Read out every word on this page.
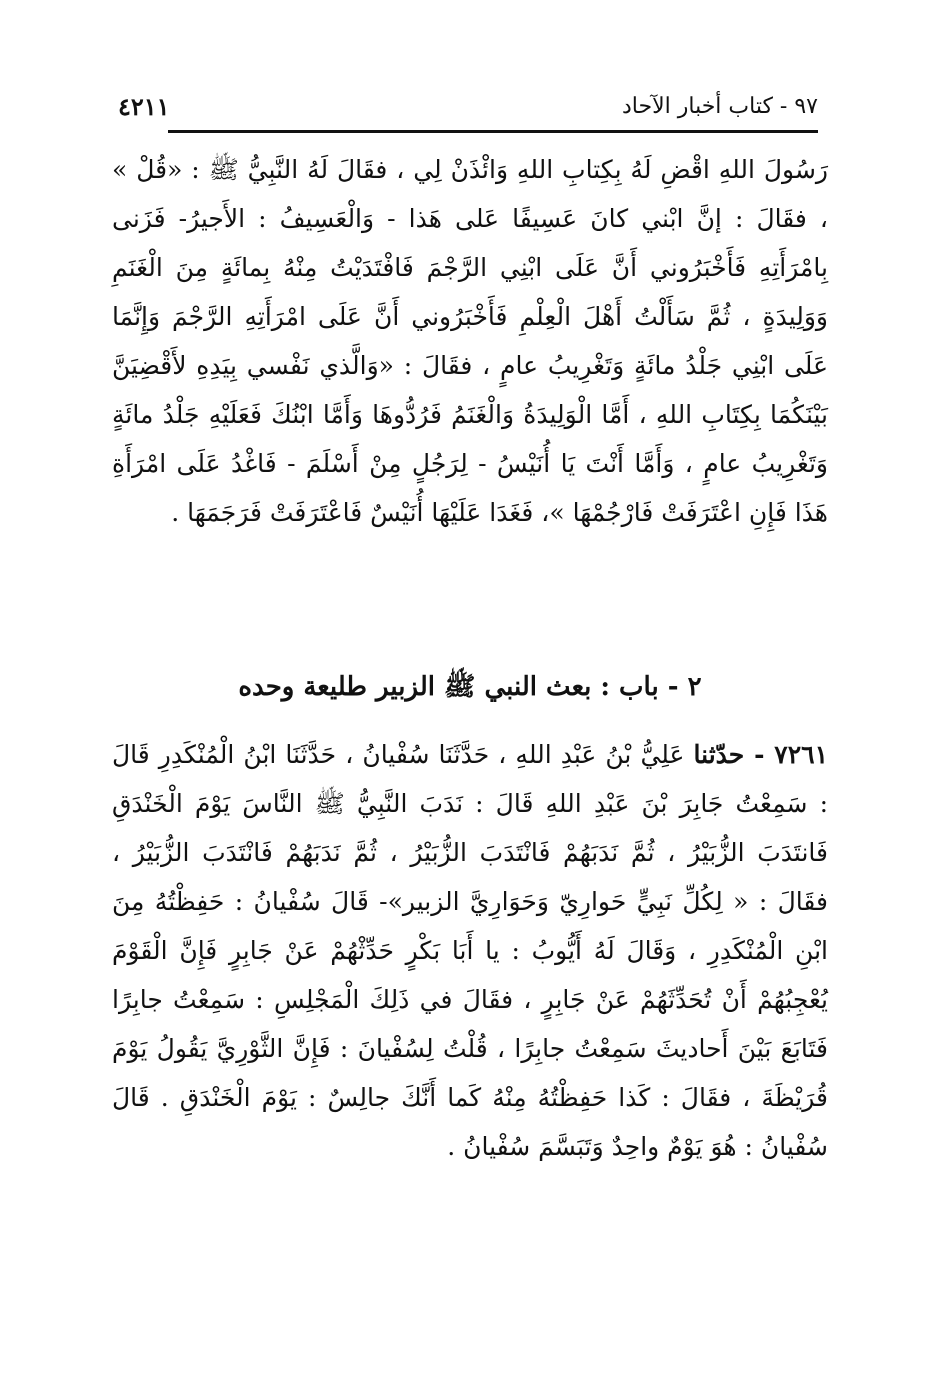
٩٧ - كتاب أخبار الآحاد
٤٢١١

رَسُولَ اللهِ اقْضِ لَهُ بِكِتابِ اللهِ وَائْذَنْ لِي ، فقَالَ لَهُ النَّبِيُّ ﷺ : «قُلْ » ، فقَالَ : إنَّ ابْني كانَ عَسِيفًا عَلى هَذا - وَالْعَسِيفُ : الأَجيرُ- فَزَنى بِامْرَأَتِهِ فَأَخْبَرُوني أَنَّ عَلَى ابْنِي الرَّجْمَ فَافْتَدَيْتُ مِنْهُ بِمائَةٍ مِنَ الْغَنَمِ وَوَلِيدَةٍ ، ثُمَّ سَأَلْتُ أَهْلَ الْعِلْمِ فَأَخْبَرُوني أَنَّ عَلَى امْرَأَتِهِ الرَّجْمَ وَإِنَّمَا عَلَى ابْنِي جَلْدُ مائَةٍ وَتَغْرِيبُ عامٍ ، فقَالَ : «وَالَّذي نَفْسي بِيَدِهِ لأَقْضِيَنَّ بَيْنَكُمَا بِكِتَابِ اللهِ ، أَمَّا الْوَلِيدَةُ وَالْغَنَمُ فَرُدُّوهَا وَأَمَّا ابْنُكَ فَعَلَيْهِ جَلْدُ مائَةٍ وَتَغْرِيبُ عامٍ ، وَأَمَّا أَنْتَ يَا أُنَيْسُ - لِرَجُلٍ مِنْ أَسْلَمَ - فَاغْدُ عَلَى امْرَأَةِ هَذَا فَإِنِ اعْتَرَفَتْ فَارْجُمْهَا »، فَغَدَا عَلَيْهَا أُنَيْسٌ فَاعْتَرَفَتْ فَرَجَمَهَا .

٢ - باب : بعث النبي ﷺ الزبير طليعة وحده

٧٢٦١ - حدّثنا عَلِيُّ بْنُ عَبْدِ اللهِ ، حَدَّثَنَا سُفْيانُ ، حَدَّثَنَا ابْنُ الْمُنْكَدِرِ قَالَ : سَمِعْتُ جَابِرَ بْنَ عَبْدِ اللهِ قَالَ : نَدَبَ النَّبِيُّ ﷺ النَّاسَ يَوْمَ الْخَنْدَقِ فَانتَدَبَ الزُّبَيْرُ ، ثُمَّ نَدَبَهُمْ فَانْتَدَبَ الزُّبَيْرُ ، ثُمَّ نَدَبَهُمْ فَانْتَدَبَ الزُّبَيْرُ ، فقَالَ : « لِكُلِّ نَبِيٍّ حَوارِيّ وَحَوَارِيَّ الزبير»- قَالَ سُفْيانُ : حَفِظْتُهُ مِنَ ابْنِ الْمُنْكَدِرِ ، وَقَالَ لَهُ أَيُّوبُ : يا أَبَا بَكْرٍ حَدِّثْهُمْ عَنْ جَابِرٍ فَإِنَّ الْقَوْمَ يُعْجِبُهُمْ أَنْ تُحَدِّثَهُمْ عَنْ جَابِرٍ ، فقَالَ في ذَلِكَ الْمَجْلِسِ : سَمِعْتُ جابِرًا فَتَابَعَ بَيْنَ أَحاديثَ سَمِعْتُ جابِرًا ، قُلْتُ لِسُفْيانَ : فَإِنَّ الثَّوْرِيَّ يَقُولُ يَوْمَ قُرَيْظَةَ ، فقَالَ : كَذا حَفِظْتُهُ مِنْهُ كَما أَنَّكَ جالِسٌ : يَوْمَ الْخَنْدَقِ . قَالَ سُفْيانُ : هُوَ يَوْمٌ واحِدٌ وَتَبَسَّمَ سُفْيانُ .
